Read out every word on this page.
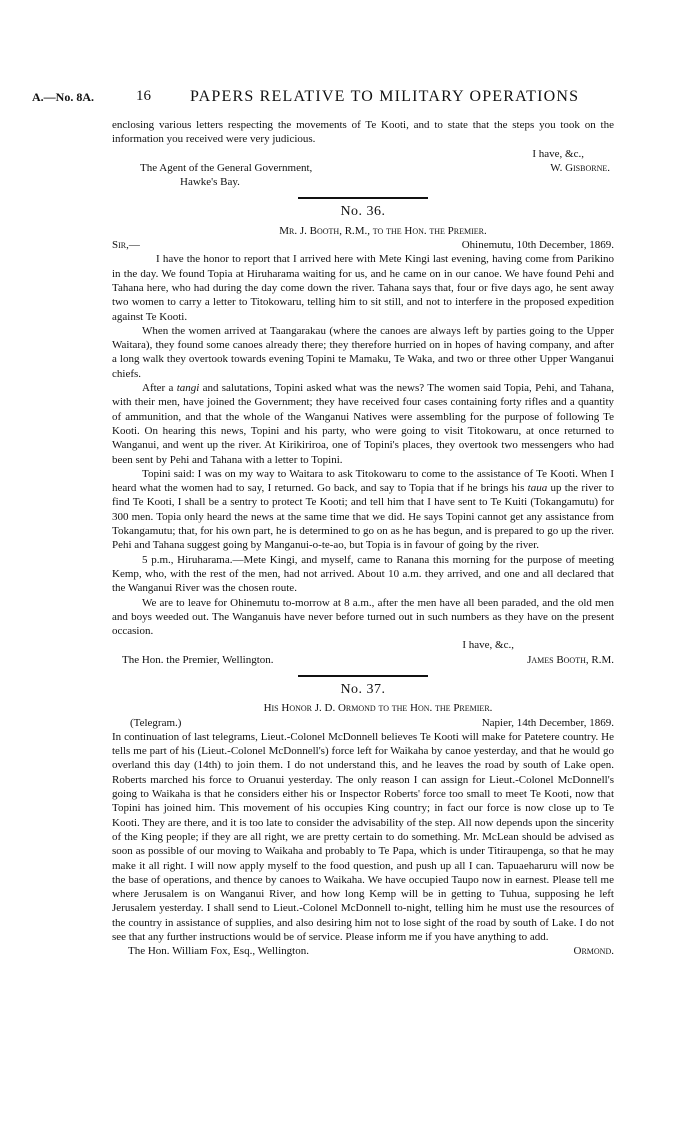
A.—No. 8A.	16 PAPERS RELATIVE TO MILITARY OPERATIONS

enclosing various letters respecting the movements of Te Kooti, and to state that the steps you took on the information you received were very judicious.

I have, &c.,
The Agent of the General Government,	W. Gisborne.
Hawke's Bay.
No. 36.
Mr. J. Booth, R.M., to the Hon. the Premier.
Sir,—	Ohinemutu, 10th December, 1869.

I have the honor to report that I arrived here with Mete Kingi last evening, having come from Parikino in the day. We found Topia at Hiruharama waiting for us, and he came on in our canoe. We have found Pehi and Tahana here, who had during the day come down the river. Tahana says that, four or five days ago, he sent away two women to carry a letter to Titokowaru, telling him to sit still, and not to interfere in the proposed expedition against Te Kooti.

When the women arrived at Taangarakau (where the canoes are always left by parties going to the Upper Waitara), they found some canoes already there; they therefore hurried on in hopes of having company, and after a long walk they overtook towards evening Topini te Mamaku, Te Waka, and two or three other Upper Wanganui chiefs.

After a tangi and salutations, Topini asked what was the news? The women said Topia, Pehi, and Tahana, with their men, have joined the Government; they have received four cases containing forty rifles and a quantity of ammunition, and that the whole of the Wanganui Natives were assembling for the purpose of following Te Kooti. On hearing this news, Topini and his party, who were going to visit Titokowaru, at once returned to Wanganui, and went up the river. At Kirikiriroa, one of Topini's places, they overtook two messengers who had been sent by Pehi and Tahana with a letter to Topini.

Topini said: I was on my way to Waitara to ask Titokowaru to come to the assistance of Te Kooti. When I heard what the women had to say, I returned. Go back, and say to Topia that if he brings his taua up the river to find Te Kooti, I shall be a sentry to protect Te Kooti; and tell him that I have sent to Te Kuiti (Tokangamutu) for 300 men. Topia only heard the news at the same time that we did. He says Topini cannot get any assistance from Tokangamutu; that, for his own part, he is determined to go on as he has begun, and is prepared to go up the river. Pehi and Tahana suggest going by Manganui-o-te-ao, but Topia is in favour of going by the river.

5 p.m., Hiruharama.—Mete Kingi, and myself, came to Ranana this morning for the purpose of meeting Kemp, who, with the rest of the men, had not arrived. About 10 a.m. they arrived, and one and all declared that the Wanganui River was the chosen route.

We are to leave for Ohinemutu to-morrow at 8 a.m., after the men have all been paraded, and the old men and boys weeded out. The Wanganuis have never before turned out in such numbers as they have on the present occasion.

I have, &c.,
The Hon. the Premier, Wellington.	James Booth, R.M.
No. 37.
His Honor J. D. Ormond to the Hon. the Premier.
(Telegram.)	Napier, 14th December, 1869.

In continuation of last telegrams, Lieut.-Colonel McDonnell believes Te Kooti will make for Patetere country. He tells me part of his (Lieut.-Colonel McDonnell's) force left for Waikaha by canoe yesterday, and that he would go overland this day (14th) to join them. I do not understand this, and he leaves the road by south of Lake open. Roberts marched his force to Oruanui yesterday. The only reason I can assign for Lieut.-Colonel McDonnell's going to Waikaha is that he considers either his or Inspector Roberts' force too small to meet Te Kooti, now that Topini has joined him. This movement of his occupies King country; in fact our force is now close up to Te Kooti. They are there, and it is too late to consider the advisability of the step. All now depends upon the sincerity of the King people; if they are all right, we are pretty certain to do something. Mr. McLean should be advised as soon as possible of our moving to Waikaha and probably to Te Papa, which is under Titiraupenga, so that he may make it all right. I will now apply myself to the food question, and push up all I can. Tapuaeharuru will now be the base of operations, and thence by canoes to Waikaha. We have occupied Taupo now in earnest. Please tell me where Jerusalem is on Wanganui River, and how long Kemp will be in getting to Tuhua, supposing he left Jerusalem yesterday. I shall send to Lieut.-Colonel McDonnell to-night, telling him he must use the resources of the country in assistance of supplies, and also desiring him not to lose sight of the road by south of Lake. I do not see that any further instructions would be of service. Please inform me if you have anything to add.

The Hon. William Fox, Esq., Wellington.	Ormond.
